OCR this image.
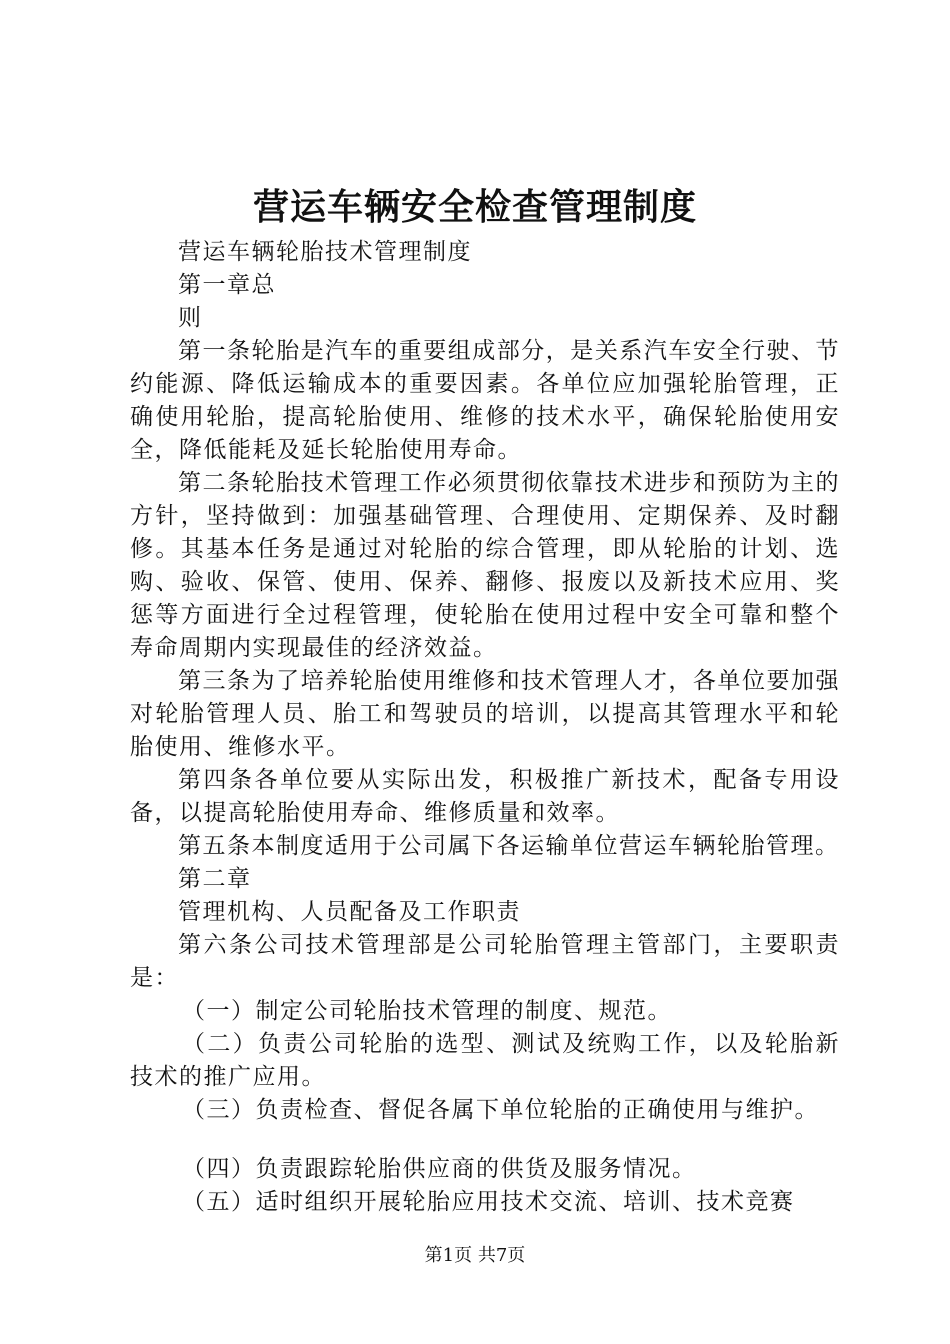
营运车辆安全检查管理制度

营运车辆轮胎技术管理制度

第一章总

则

第一条轮胎是汽车的重要组成部分，是关系汽车安全行驶、节约能源、降低运输成本的重要因素。各单位应加强轮胎管理，正确使用轮胎，提高轮胎使用、维修的技术水平，确保轮胎使用安全，降低能耗及延长轮胎使用寿命。

第二条轮胎技术管理工作必须贯彻依靠技术进步和预防为主的方针，坚持做到：加强基础管理、合理使用、定期保养、及时翻修。其基本任务是通过对轮胎的综合管理，即从轮胎的计划、选购、验收、保管、使用、保养、翻修、报废以及新技术应用、奖惩等方面进行全过程管理，使轮胎在使用过程中安全可靠和整个寿命周期内实现最佳的经济效益。

第三条为了培养轮胎使用维修和技术管理人才，各单位要加强对轮胎管理人员、胎工和驾驶员的培训，以提高其管理水平和轮胎使用、维修水平。

第四条各单位要从实际出发，积极推广新技术，配备专用设备，以提高轮胎使用寿命、维修质量和效率。

第五条本制度适用于公司属下各运输单位营运车辆轮胎管理。

第二章

管理机构、人员配备及工作职责

第六条公司技术管理部是公司轮胎管理主管部门，主要职责是：

（一）制定公司轮胎技术管理的制度、规范。

（二）负责公司轮胎的选型、测试及统购工作，以及轮胎新技术的推广应用。

（三）负责检查、督促各属下单位轮胎的正确使用与维护。

（四）负责跟踪轮胎供应商的供货及服务情况。

（五）适时组织开展轮胎应用技术交流、培训、技术竞赛

第1页 共7页
